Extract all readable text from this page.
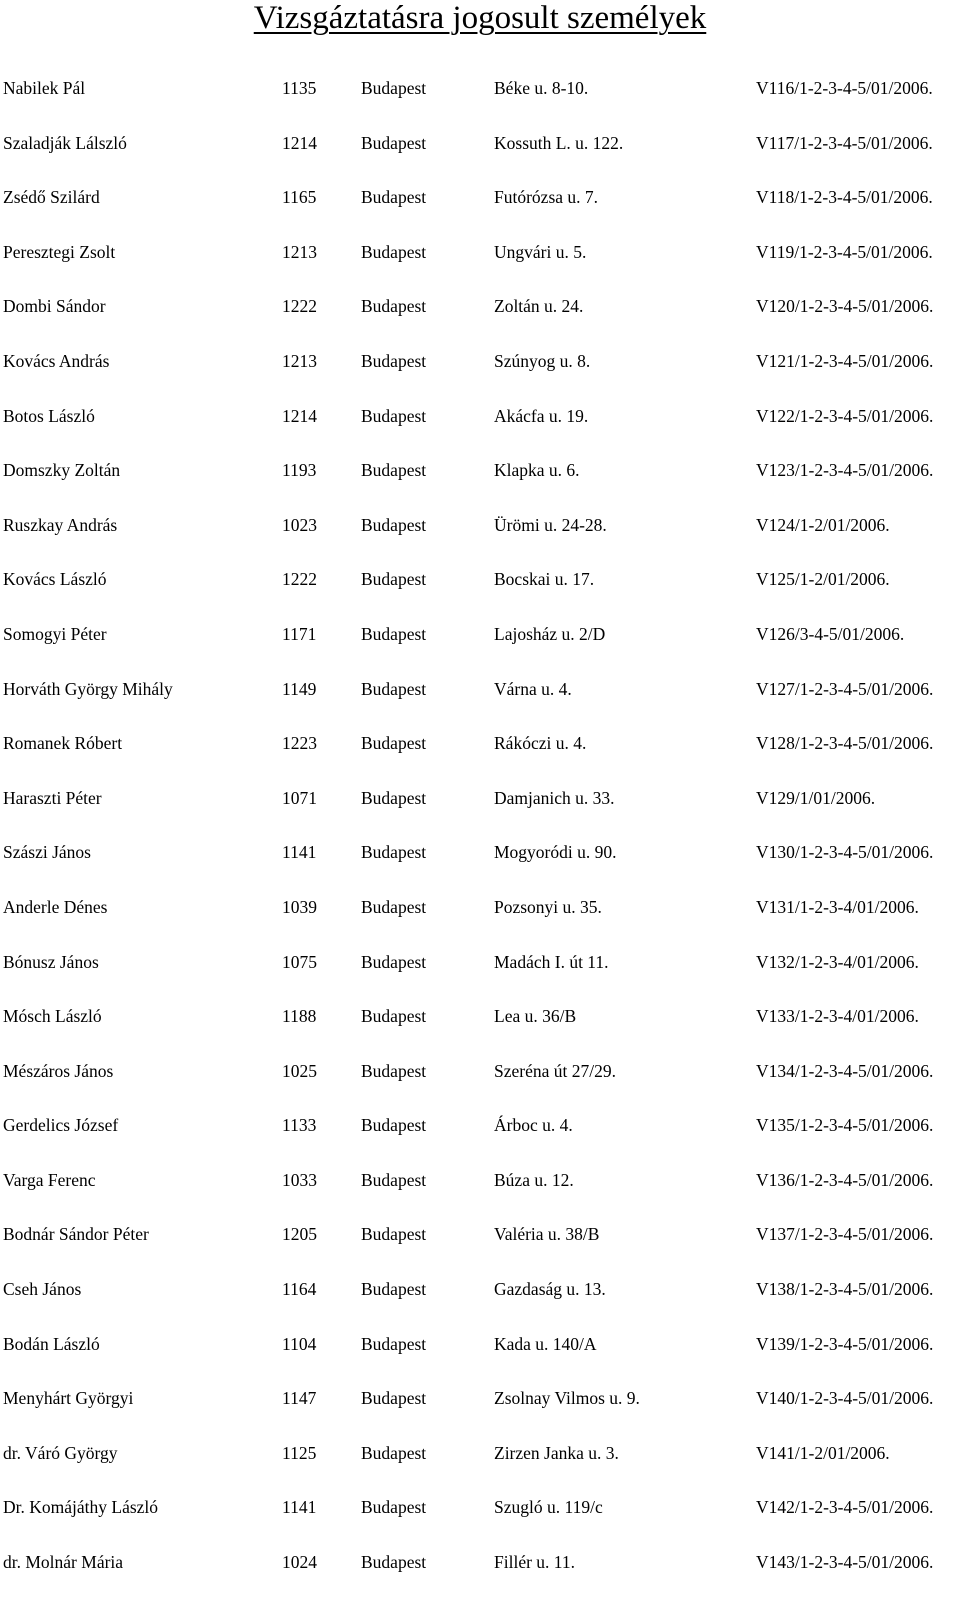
Vizsgáztatásra jogosult személyek
Nabilek Pál	1135	Budapest	Béke u. 8-10.	V116/1-2-3-4-5/01/2006.
Szaladják Lálszló	1214	Budapest	Kossuth L. u. 122.	V117/1-2-3-4-5/01/2006.
Zsédő Szilárd	1165	Budapest	Futórózsa u. 7.	V118/1-2-3-4-5/01/2006.
Peresztegi Zsolt	1213	Budapest	Ungvári u. 5.	V119/1-2-3-4-5/01/2006.
Dombi Sándor	1222	Budapest	Zoltán u. 24.	V120/1-2-3-4-5/01/2006.
Kovács András	1213	Budapest	Szúnyog u. 8.	V121/1-2-3-4-5/01/2006.
Botos László	1214	Budapest	Akácfa u. 19.	V122/1-2-3-4-5/01/2006.
Domszky Zoltán	1193	Budapest	Klapka u. 6.	V123/1-2-3-4-5/01/2006.
Ruszkay András	1023	Budapest	Ürömi u. 24-28.	V124/1-2/01/2006.
Kovács László	1222	Budapest	Bocskai u. 17.	V125/1-2/01/2006.
Somogyi Péter	1171	Budapest	Lajosház u. 2/D	V126/3-4-5/01/2006.
Horváth György Mihály	1149	Budapest	Várna u. 4.	V127/1-2-3-4-5/01/2006.
Romanek Róbert	1223	Budapest	Rákóczi u. 4.	V128/1-2-3-4-5/01/2006.
Haraszti Péter	1071	Budapest	Damjanich u. 33.	V129/1/01/2006.
Szászi János	1141	Budapest	Mogyoródi u. 90.	V130/1-2-3-4-5/01/2006.
Anderle Dénes	1039	Budapest	Pozsonyi u. 35.	V131/1-2-3-4/01/2006.
Bónusz János	1075	Budapest	Madách I. út 11.	V132/1-2-3-4/01/2006.
Mósch László	1188	Budapest	Lea u. 36/B	V133/1-2-3-4/01/2006.
Mészáros János	1025	Budapest	Szeréna út 27/29.	V134/1-2-3-4-5/01/2006.
Gerdelics József	1133	Budapest	Árboc u. 4.	V135/1-2-3-4-5/01/2006.
Varga Ferenc	1033	Budapest	Búza u. 12.	V136/1-2-3-4-5/01/2006.
Bodnár Sándor Péter	1205	Budapest	Valéria u. 38/B	V137/1-2-3-4-5/01/2006.
Cseh János	1164	Budapest	Gazdaság u. 13.	V138/1-2-3-4-5/01/2006.
Bodán László	1104	Budapest	Kada u. 140/A	V139/1-2-3-4-5/01/2006.
Menyhárt Györgyi	1147	Budapest	Zsolnay Vilmos u. 9.	V140/1-2-3-4-5/01/2006.
dr. Váró György	1125	Budapest	Zirzen Janka u. 3.	V141/1-2/01/2006.
Dr. Komájáthy László	1141	Budapest	Szugló u. 119/c	V142/1-2-3-4-5/01/2006.
dr. Molnár Mária	1024	Budapest	Fillér u. 11.	V143/1-2-3-4-5/01/2006.
